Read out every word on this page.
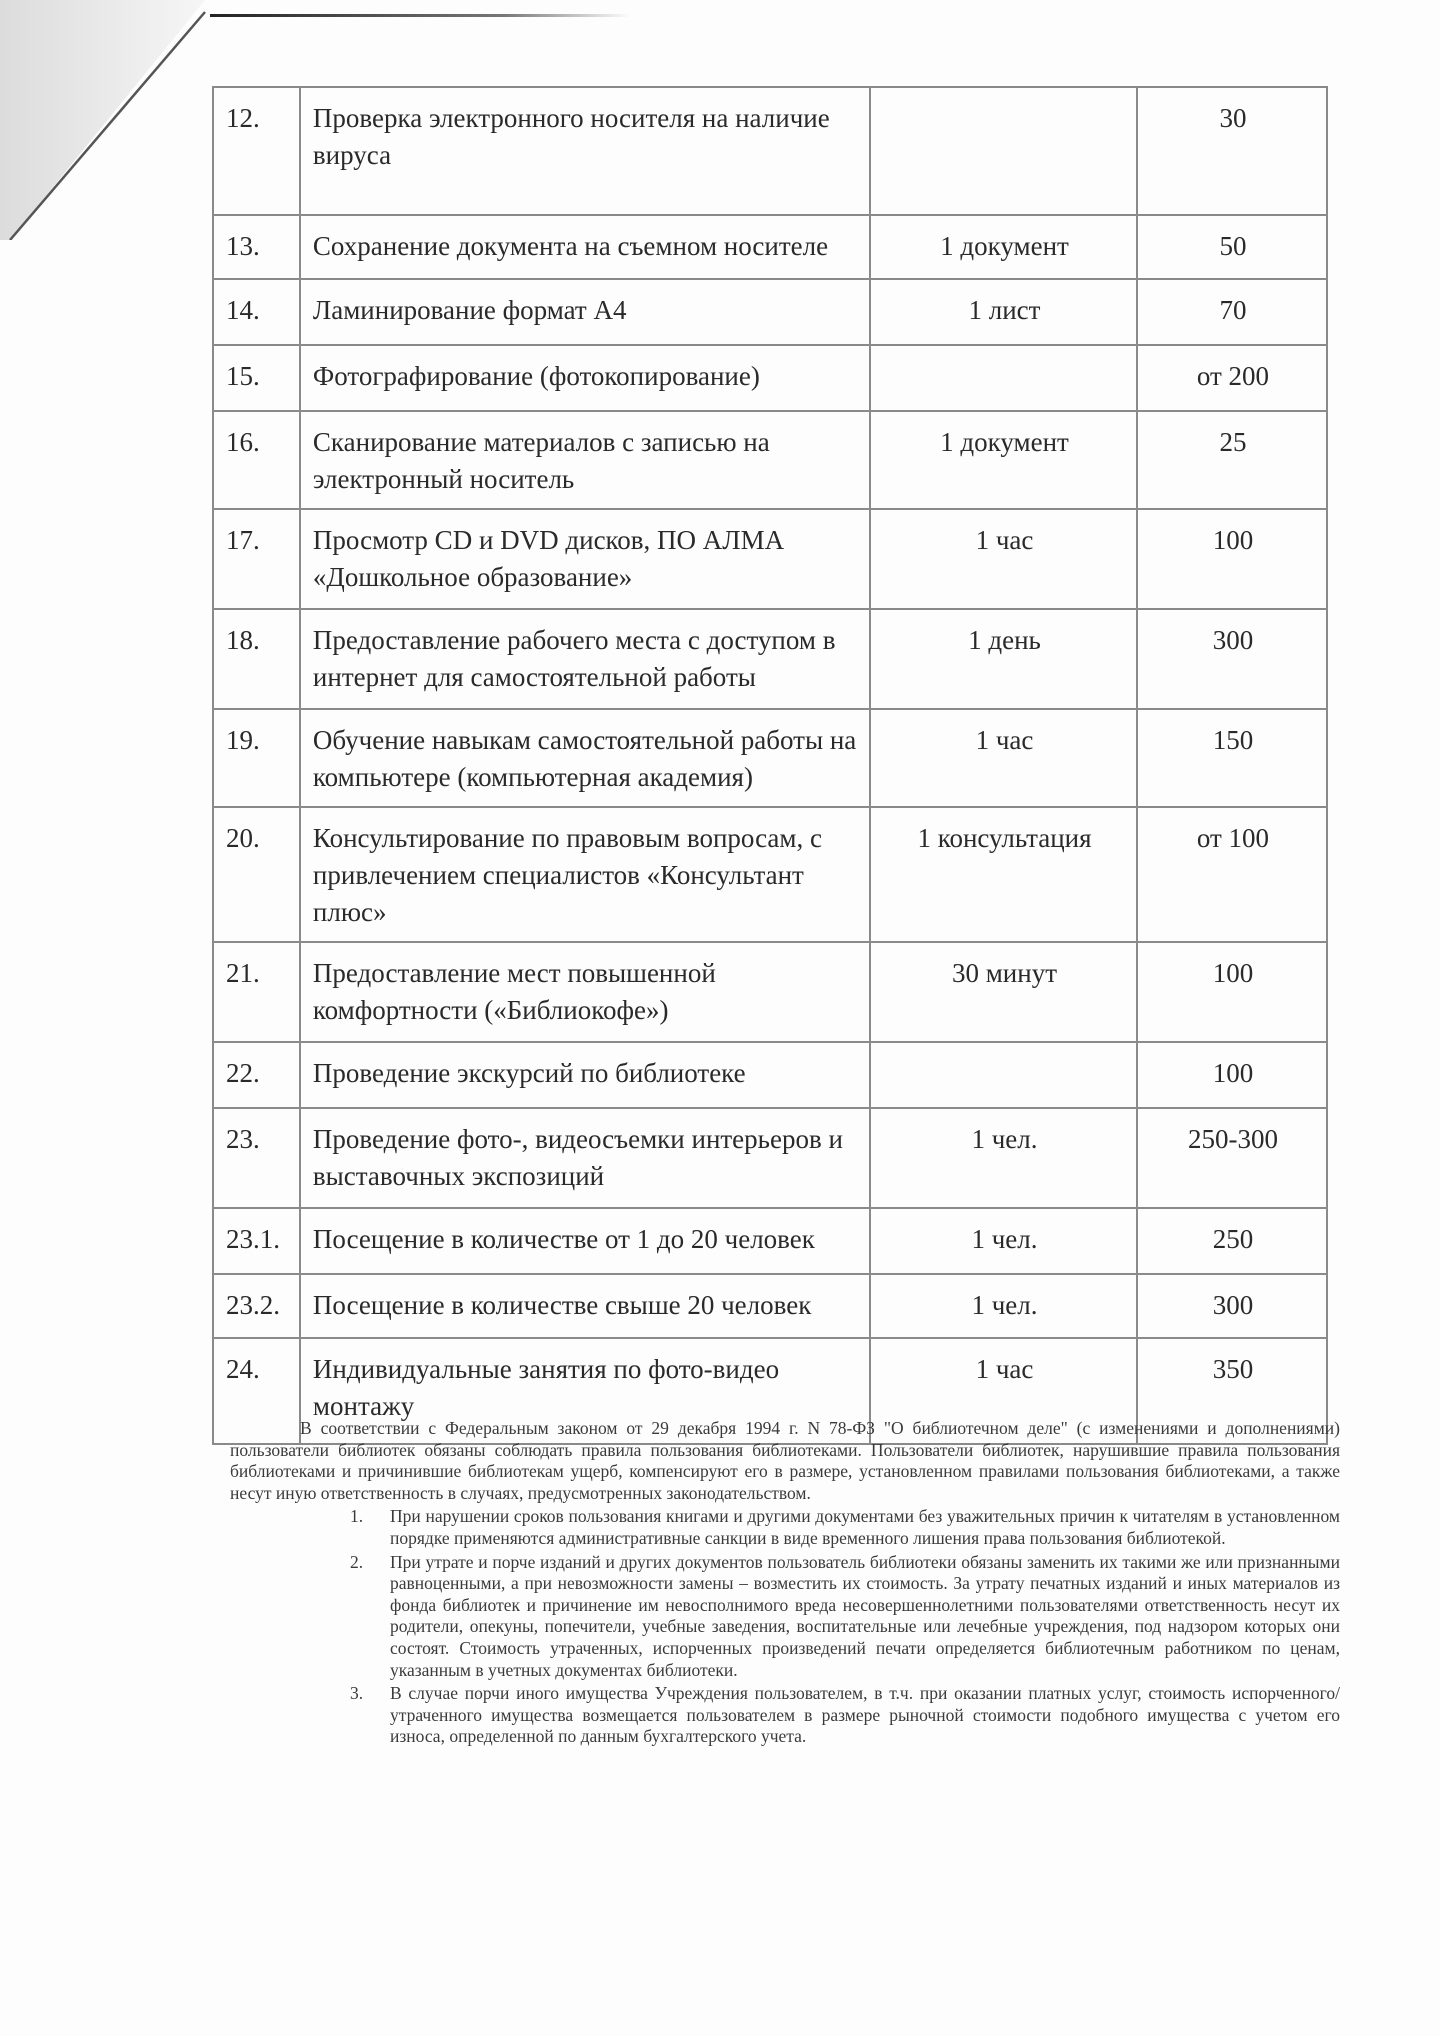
12.	Проверка электронного носителя на наличие вируса		30
13.	Сохранение документа на съемном носителе	1 документ	50
14.	Ламинирование формат А4	1 лист	70
15.	Фотографирование (фотокопирование)		от 200
16.	Сканирование материалов с записью на электронный носитель	1 документ	25
17.	Просмотр CD и DVD дисков, ПО АЛМА «Дошкольное образование»	1 час	100
18.	Предоставление рабочего места с доступом в интернет для самостоятельной работы	1 день	300
19.	Обучение навыкам самостоятельной работы на компьютере (компьютерная академия)	1 час	150
20.	Консультирование по правовым вопросам, с привлечением специалистов «Консультант плюс»	1 консультация	от 100
21.	Предоставление мест повышенной комфортности («Библиокофе»)	30 минут	100
22.	Проведение экскурсий по библиотеке		100
23.	Проведение фото-, видеосъемки интерьеров и выставочных экспозиций	1 чел.	250-300
23.1.	Посещение в количестве от 1 до 20 человек	1 чел.	250
23.2.	Посещение в количестве свыше 20 человек	1 чел.	300
24.	Индивидуальные занятия по фото-видео монтажу	1 час	350

В соответствии с Федеральным законом от 29 декабря 1994 г. N 78-ФЗ "О библиотечном деле" (с изменениями и дополнениями) пользователи библиотек обязаны соблюдать правила пользования библиотеками. Пользователи библиотек, нарушившие правила пользования библиотеками и причинившие библиотекам ущерб, компенсируют его в размере, установленном правилами пользования библиотеками, а также несут иную ответственность в случаях, предусмотренных законодательством.

1. При нарушении сроков пользования книгами и другими документами без уважительных причин к читателям в установленном порядке применяются административные санкции в виде временного лишения права пользования библиотекой.
2. При утрате и порче изданий и других документов пользователь библиотеки обязаны заменить их такими же или признанными равноценными, а при невозможности замены – возместить их стоимость. За утрату печатных изданий и иных материалов из фонда библиотек и причинение им невосполнимого вреда несовершеннолетними пользователями ответственность несут их родители, опекуны, попечители, учебные заведения, воспитательные или лечебные учреждения, под надзором которых они состоят. Стоимость утраченных, испорченных произведений печати определяется библиотечным работником по ценам, указанным в учетных документах библиотеки.
3. В случае порчи иного имущества Учреждения пользователем, в т.ч. при оказании платных услуг, стоимость испорченного/утраченного имущества возмещается пользователем в размере рыночной стоимости подобного имущества с учетом его износа, определенной по данным бухгалтерского учета.
